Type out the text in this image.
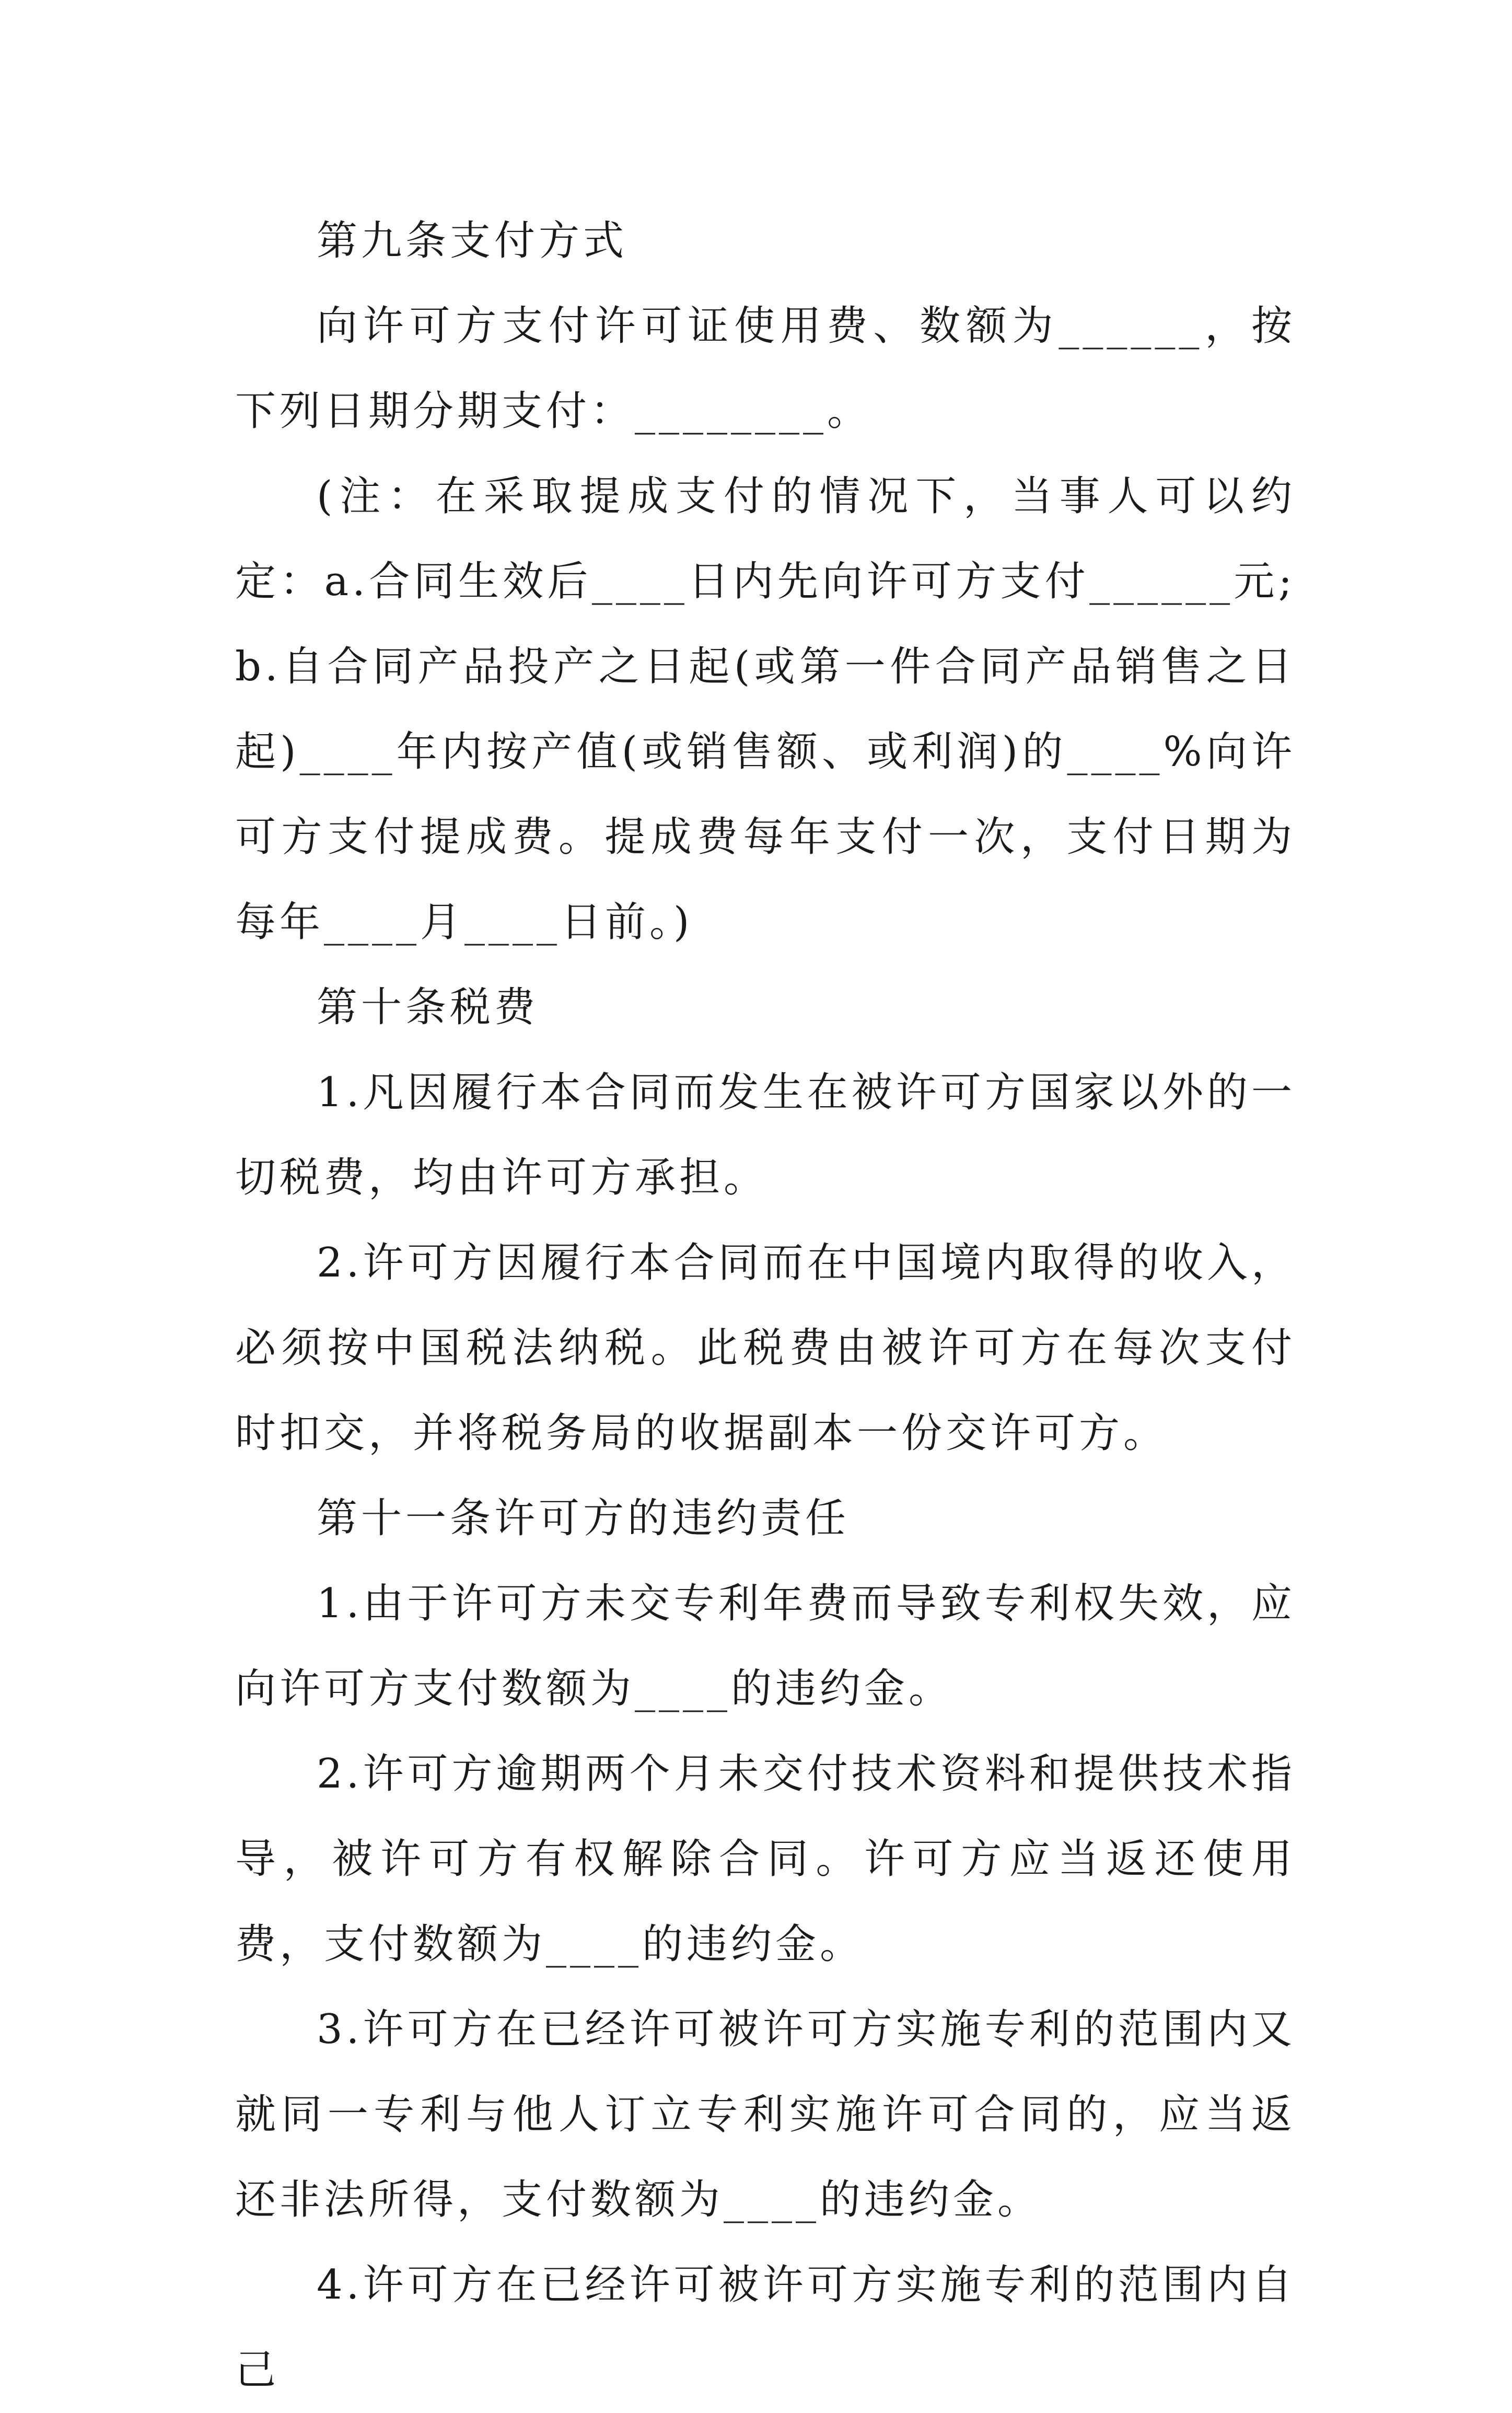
第九条支付方式

向许可方支付许可证使用费、数额为______，按下列日期分期支付：________。

(注：在采取提成支付的情况下，当事人可以约定：a.合同生效后____日内先向许可方支付______元;b.自合同产品投产之日起(或第一件合同产品销售之日起)____年内按产值(或销售额、或利润)的____%向许可方支付提成费。提成费每年支付一次，支付日期为每年____月____日前。)

第十条税费

1.凡因履行本合同而发生在被许可方国家以外的一切税费，均由许可方承担。

2.许可方因履行本合同而在中国境内取得的收入，必须按中国税法纳税。此税费由被许可方在每次支付时扣交，并将税务局的收据副本一份交许可方。

第十一条许可方的违约责任

1.由于许可方未交专利年费而导致专利权失效，应向许可方支付数额为____的违约金。

2.许可方逾期两个月未交付技术资料和提供技术指导，被许可方有权解除合同。许可方应当返还使用费，支付数额为____的违约金。

3.许可方在已经许可被许可方实施专利的范围内又就同一专利与他人订立专利实施许可合同的，应当返还非法所得，支付数额为____的违约金。

4.许可方在已经许可被许可方实施专利的范围内自己
